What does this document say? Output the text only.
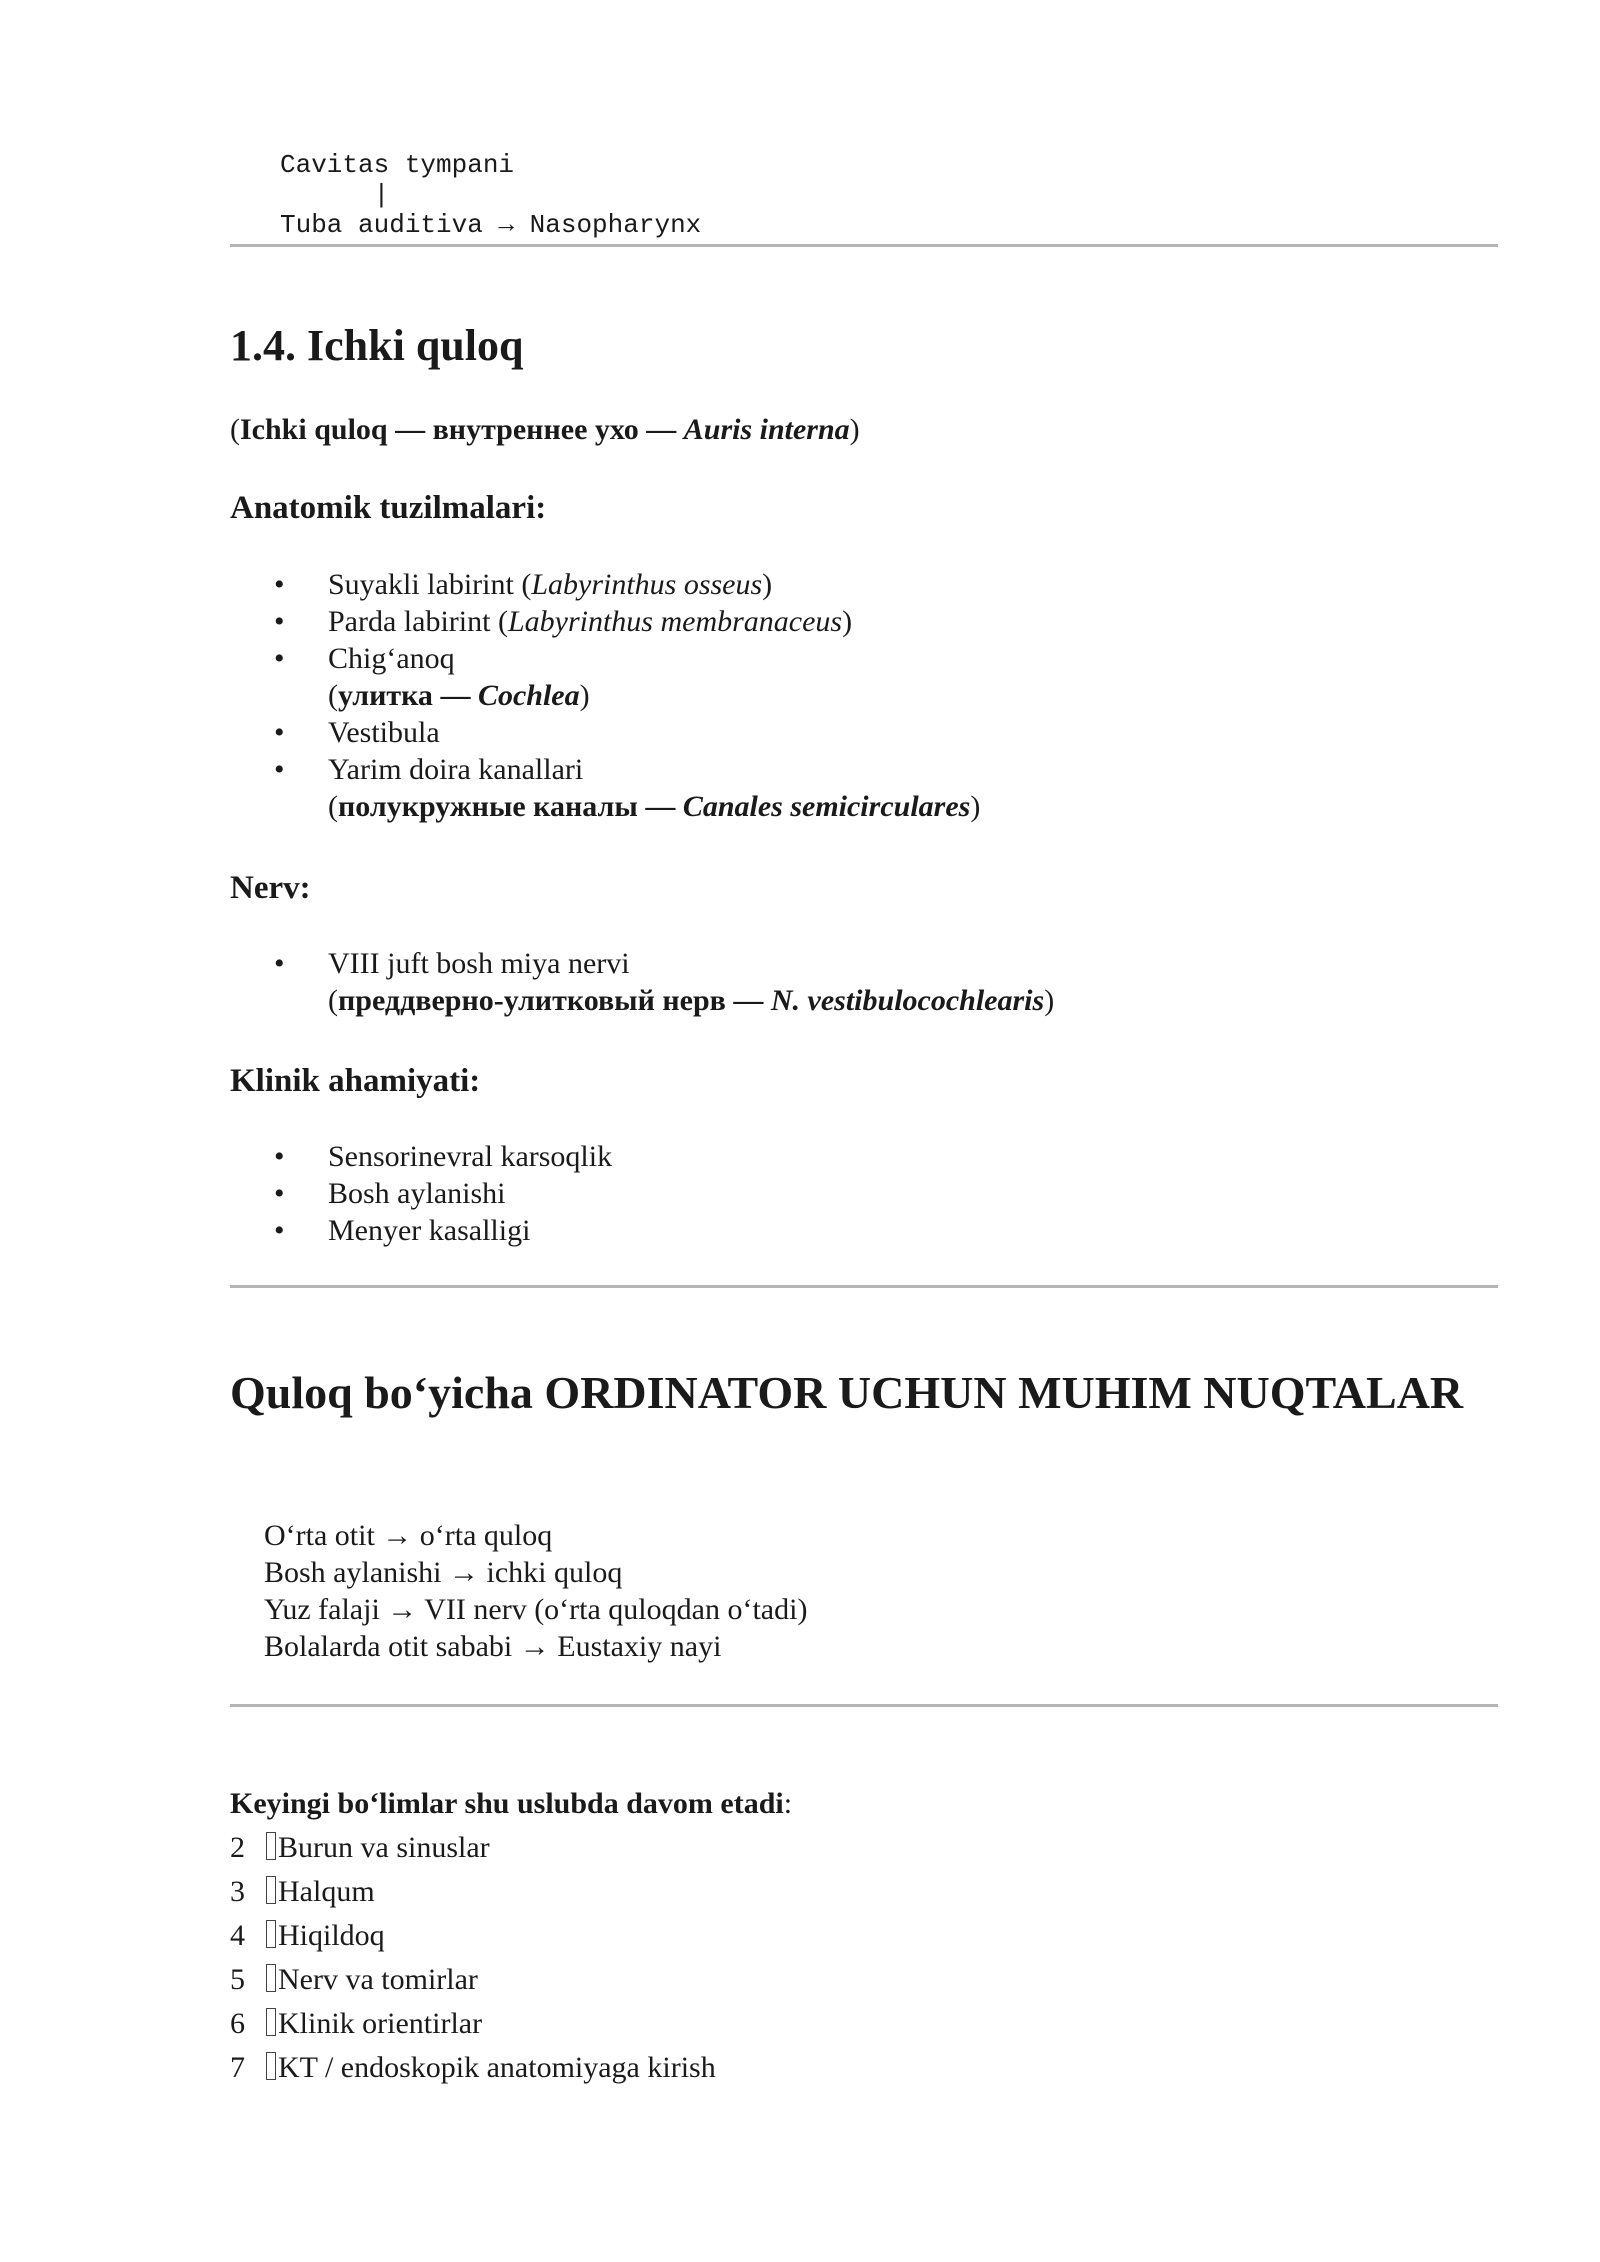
Cavitas tympani
|
Tuba auditiva → Nasopharynx
1.4. Ichki quloq
(Ichki quloq — внутреннее ухо — Auris interna)
Anatomik tuzilmalari:
• Suyakli labirint (Labyrinthus osseus)
• Parda labirint (Labyrinthus membranaceus)
• Chig‘anoq
(улитка — Cochlea)
• Vestibula
• Yarim doira kanallari
(полукружные каналы — Canales semicirculares)
Nerv:
• VIII juft bosh miya nervi
(преддверно-улитковый нерв — N. vestibulocochlearis)
Klinik ahamiyati:
• Sensorinevral karsoqlik
• Bosh aylanishi
• Menyer kasalligi
Quloq bo‘yicha ORDINATOR UCHUN MUHIM NUQTALAR
O‘rta otit → o‘rta quloq
Bosh aylanishi → ichki quloq
Yuz falaji → VII nerv (o‘rta quloqdan o‘tadi)
Bolalarda otit sababi → Eustaxiy nayi
Keyingi bo‘limlar shu uslubda davom etadi:
2 Burun va sinuslar
3 Halqum
4 Hiqildoq
5 Nerv va tomirlar
6 Klinik orientirlar
7 KT / endoskopik anatomiyaga kirish
